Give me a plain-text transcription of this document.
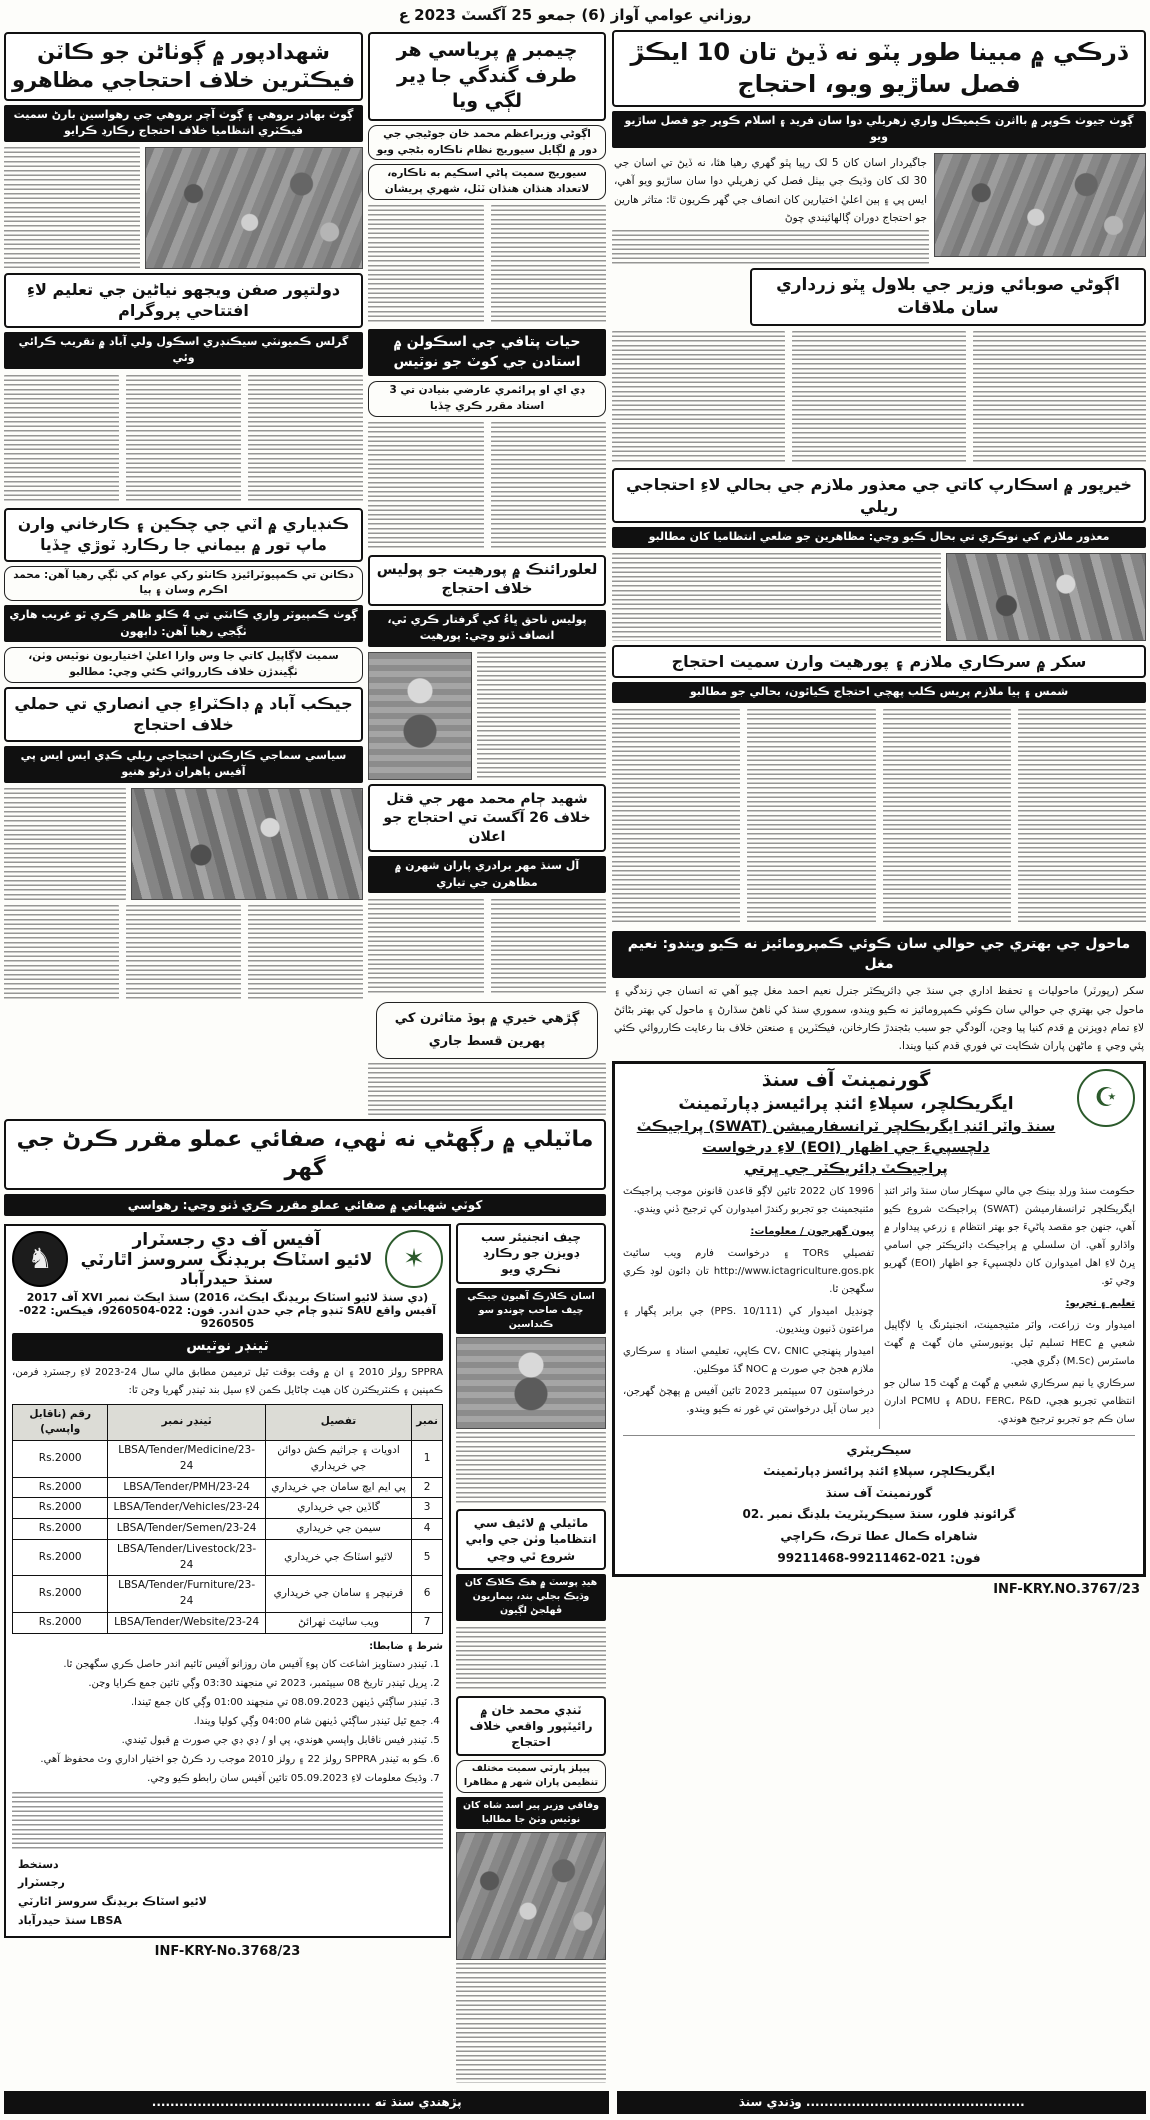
روزاني عوامي آواز (6) جمعو 25 آگسٽ 2023 ع
ڌرڪي ۾ مبينا طور پٽو نه ڏيڻ تان 10 ايڪڙ فصل ساڙيو ويو، احتجاج
ڳوٺ جيوٺ ڪوپر ۾ بااثرن ڪيميڪل واري زهريلي دوا سان فريد ۽ اسلام ڪوپر جو فصل ساڙيو ويو
جاگيردار اسان کان 5 لک رپيا پٽو گهري رهيا هئا، نه ڏيڻ تي اسان جي 30 لک کان وڌيڪ جي بيٺل فصل کي زهريلي دوا سان ساڙيو ويو آهي، ايس پي ۽ ٻين اعليٰ اختيارين کان انصاف جي گهر ڪريون ٿا: متاثر هارين جو احتجاج دوران ڳالهائيندي چوڻ
اڳوڻي صوبائي وزير جي بلاول ڀٽو زرداري سان ملاقات
خيرپور ۾ اسڪارپ کاتي جي معذور ملازم جي بحالي لاءِ احتجاجي ريلي
معذور ملازم کي نوڪري تي بحال ڪيو وڃي: مظاهرين جو ضلعي انتظاميا کان مطالبو
سکر ۾ سرڪاري ملازم ۽ پورهيت وارن سميت احتجاج
شمس ۽ ٻيا ملازم پريس ڪلب پهچي احتجاج ڪيائون، بحالي جو مطالبو
ماحول جي بهتري جي حوالي سان ڪوئي ڪمپرومائيز نه ڪيو ويندو: نعيم مغل
سکر (رپورٽر) ماحوليات ۽ تحفظ اداري جي سنڌ جي ڊائريڪٽر جنرل نعيم احمد مغل چيو آهي ته انسان جي زندگي ۽ ماحول جي بهتري جي حوالي سان ڪوئي ڪمپرومائيز نه ڪيو ويندو، سموري سنڌ کي ٺاهڻ سڌارڻ ۽ ماحول کي بهتر بڻائڻ لاءِ تمام ڊويزنن ۾ قدم کنيا پيا وڃن، آلودگي جو سبب بڻجندڙ ڪارخانن، فيڪٽرين ۽ صنعتن خلاف بنا رعايت ڪارروائي ڪئي پئي وڃي ۽ ماڻهن پاران شڪايت تي فوري قدم کنيا ويندا.
☪
گورنمينٽ آف سنڌ
ايگريڪلچر، سپلاءِ ائنڊ پرائيسز ڊپارٽمينٽ
سنڌ واٽر ائنڊ ايگريڪلچر ٽرانسفارميشن (SWAT) پراجيڪٽ
دلچسپيءَ جي اظهار (EOI) لاءِ درخواست
پراجيڪٽ ڊائريڪٽر جي ڀرتي

حڪومت سنڌ ورلڊ بينڪ جي مالي سهڪار سان سنڌ واٽر ائنڊ ايگريڪلچر ٽرانسفارميشن (SWAT) پراجيڪٽ شروع ڪيو آهي، جنهن جو مقصد پاڻيءَ جو بهتر انتظام ۽ زرعي پيداوار ۾ واڌارو آهي. ان سلسلي ۾ پراجيڪٽ ڊائريڪٽر جي اسامي ڀرڻ لاءِ اهل اميدوارن کان دلچسپيءَ جو اظهار (EOI) گهريو وڃي ٿو.

تعليم ۽ تجربو:

اميدوار وٽ زراعت، واٽر مئنيجمينٽ، انجنيئرنگ يا لاڳاپيل شعبي ۾ HEC تسليم ٿيل يونيورسٽي مان گهٽ ۾ گهٽ ماسٽرس (M.Sc) ڊگري هجي.

سرڪاري يا نيم سرڪاري شعبي ۾ گهٽ ۾ گهٽ 15 سالن جو انتظامي تجربو هجي، ADU، FERC، P&D ۽ PCMU ادارن سان ڪم جو تجربو ترجيح هوندي.

1996 کان 2022 تائين لاڳو قاعدن قانونن موجب پراجيڪٽ مئنيجمينٽ جو تجربو رکندڙ اميدوارن کي ترجيح ڏني ويندي.

ٻيون گهرجون / معلومات:

تفصيلي TORs ۽ درخواست فارم ويب سائيٽ http://www.ictagriculture.gos.pk تان ڊائون لوڊ ڪري سگهجن ٿا.

چونڊيل اميدوار کي (PPS. 10/111) جي برابر پگهار ۽ مراعتون ڏنيون وينديون.

اميدوار پنهنجي CV، CNIC ڪاپي، تعليمي اسناد ۽ سرڪاري ملازم هجڻ جي صورت ۾ NOC گڏ موڪلين.

درخواستون 07 سيپٽمبر 2023 تائين آفيس ۾ پهچڻ گهرجن، دير سان آيل درخواستن تي غور نه ڪيو ويندو.

سيڪريٽري
ايگريڪلچر، سپلاءِ ائنڊ پرائسز ڊپارٽمينٽ
گورنمينٽ آف سنڌ
گرائونڊ فلور، سنڌ سيڪريٽريٽ بلڊنگ نمبر .02
شاهراه ڪمال عطا ترڪ، ڪراچي
فون: 021-99211462-99211468
INF-KRY.NO.3767/23
چيمبر ۾ پرياسي هر طرف گندگي جا ڍير لڳي ويا
اڳوڻي وزيراعظم محمد خان جوڻيجي جي دور ۾ لڳايل سيوريج نظام ناڪاره بڻجي ويو
سيوريج سميت پاڻي اسڪيم به ناڪاره، لاتعداد هنڌان هنڌان ٽٽل، شهري پريشان
حيات پتافي جي اسڪولن ۾ استادن جي کوٽ جو نوٽيس
ڊي اي او پرائمري عارضي بنيادن تي 3 استاد مقرر ڪري ڇڏيا
لعلورائنڪ ۾ پورهيت جو پوليس خلاف احتجاج
پوليس ناحق ڀاءُ کي گرفتار ڪري ٿي، انصاف ڏنو وڃي: پورهيت
شهيد ڄام محمد مهر جي قتل خلاف 26 آگسٽ تي احتجاج جو اعلان
آل سنڌ مهر برادري پاران شهرن ۾ مظاهرن جي تياري
ڳڙهي خيري ۾ ٻوڏ متاثرن کي پهرين قسط جاري
شهدادپور ۾ ڳوٺاڻن جو ڪاٽن فيڪٽرين خلاف احتجاجي مظاهرو
ڳوٺ بهادر بروهي ۽ ڳوٺ آچر بروهي جي رهواسين بارڻ سميت فيڪٽري انتظاميا خلاف احتجاج رڪارڊ ڪرايو
دولتپور صفن ويجهو نياڻين جي تعليم لاءِ افتتاحي پروگرام
گرلس ڪميونٽي سيڪنڊري اسڪول ولي آباد ۾ تقريب ڪرائي وئي
ڪنڊياري ۾ اٽي جي چڪين ۽ ڪارخاني وارن ماپ تور ۾ بيماني جا رڪارڊ ٽوڙي ڇڏيا
دڪانن تي ڪمپيوٽرائيزڊ ڪانٽو رکي عوام کي ٺڳي رهيا آهن: محمد اڪرم وسان ۽ ٻيا
ڳوٺ ڪمپيوٽر واري ڪانٽي تي 4 ڪلو ظاهر ڪري ٿو غريب هاري ٺڳجي رهيا آهن: داٻهون
سميت لاڳاپيل کاتي جا وس وارا اعليٰ اختياريون نوٽيس وٺن، ٺڳيندڙن خلاف ڪارروائي ڪئي وڃي: مطالبو
جيڪب آباد ۾ ڊاڪٽراءِ جي انصاري تي حملي خلاف احتجاج
سياسي سماجي ڪارڪنن احتجاجي ريلي ڪڍي ايس ايس پي آفيس ٻاهران ڌرڻو هنيو
ماٽيلي ۾ رڳهڻي نه ٺهي، صفائي عملو مقرر ڪرڻ جي گهر
کوٽي شهباني ۾ صفائي عملو مقرر ڪري ڏنو وڃي: رهواسي
چيف انجنيئر سب ڊويزن جو رڪارڊ نڪري ويو
اسان ڪلارڪ آهيون جيڪي چيف صاحب چوندو سو ڪنداسين
ماٽيلي ۾ لائيف سي انتظاميا وٺن جي وابي شروع ٿي وڃي
هيڊ پوسٽ ۾ هڪ ڪلاڪ کان وڌيڪ بجلي بند، بيماريون ڦهلجڻ لڳيون
ٽنڊي محمد خان ۾ رائيٽپور واقعي خلاف احتجاج
پيپلز پارٽي سميت مختلف تنظيمن پاران شهر ۾ مظاهرا
وفاقي وزير پير اسد شاه کان نوٽيس وٺڻ جا مطالبا
✶
آفيس آف دي رجسٽرار
لائيو اسٽاڪ بريڊنگ سروسز اٿارٽي
سنڌ حيدرآباد
♞
(دي سنڌ لائيو اسٽاڪ بريڊنگ ايڪٽ، 2016) سنڌ ايڪٽ نمبر XVI آف 2017
آفيس واقع SAU ٽنڊو ڄام جي حدن اندر. فون: 022-9260504، فيڪس: 022-9260505
ٽينڊر نوٽيس
SPPRA رولز 2010 ۽ ان ۾ وقت بوقت ٿيل ترميمن مطابق مالي سال 24-2023 لاءِ رجسٽرڊ فرمن، ڪمپنين ۽ ڪنٽريڪٽرن کان هيٺ ڄاڻايل ڪمن لاءِ سيل بند ٽينڊر گهريا وڃن ٿا:
نمبر	تفصيل	ٽينڊر نمبر	رقم (ناقابل واپسي)
1	ادويات ۽ جراثيم ڪش دوائن جي خريداري	LBSA/Tender/Medicine/23-24	Rs.2000
2	پي ايم ايڇ سامان جي خريداري	LBSA/Tender/PMH/23-24	Rs.2000
3	گاڏين جي خريداري	LBSA/Tender/Vehicles/23-24	Rs.2000
4	سيمن جي خريداري	LBSA/Tender/Semen/23-24	Rs.2000
5	لائيو اسٽاڪ جي خريداري	LBSA/Tender/Livestock/23-24	Rs.2000
6	فرنيچر ۽ سامان جي خريداري	LBSA/Tender/Furniture/23-24	Rs.2000
7	ويب سائيٽ ٺهرائڻ	LBSA/Tender/Website/23-24	Rs.2000
شرط ۽ ضابطا:
1. ٽينڊر دستاويز اشاعت کان پوءِ آفيس مان روزانو آفيس ٽائيم اندر حاصل ڪري سگهجن ٿا.
2. ڀريل ٽينڊر تاريخ 08 سيپٽمبر، 2023 تي منجهند 03:30 وڳي تائين جمع ڪرايا وڃن.
3. ٽينڊر ساڳئي ڏينهن 08.09.2023 تي منجهند 01:00 وڳي کان جمع ٿيندا.
4. جمع ٿيل ٽينڊر ساڳئي ڏينهن شام 04:00 وڳي کوليا ويندا.
5. ٽينڊر فيس ناقابل واپسي هوندي، پي او / ڊي ڊي جي صورت ۾ قبول ٿيندي.
6. ڪو به ٽينڊر SPPRA رولز 22 ۽ رولز 2010 موجب رد ڪرڻ جو اختيار اداري وٽ محفوظ آهي.
7. وڌيڪ معلومات لاءِ 05.09.2023 تائين آفيس سان رابطو ڪيو وڃي.
دستخط
رجسٽرار
لائيو اسٽاڪ بريڊنگ سروسز اٿارٽي
LBSA سنڌ حيدرآباد
INF-KRY-No.3768/23
................................................ وڌندي سنڌ
پڙهندي سنڌ ته ................................................
